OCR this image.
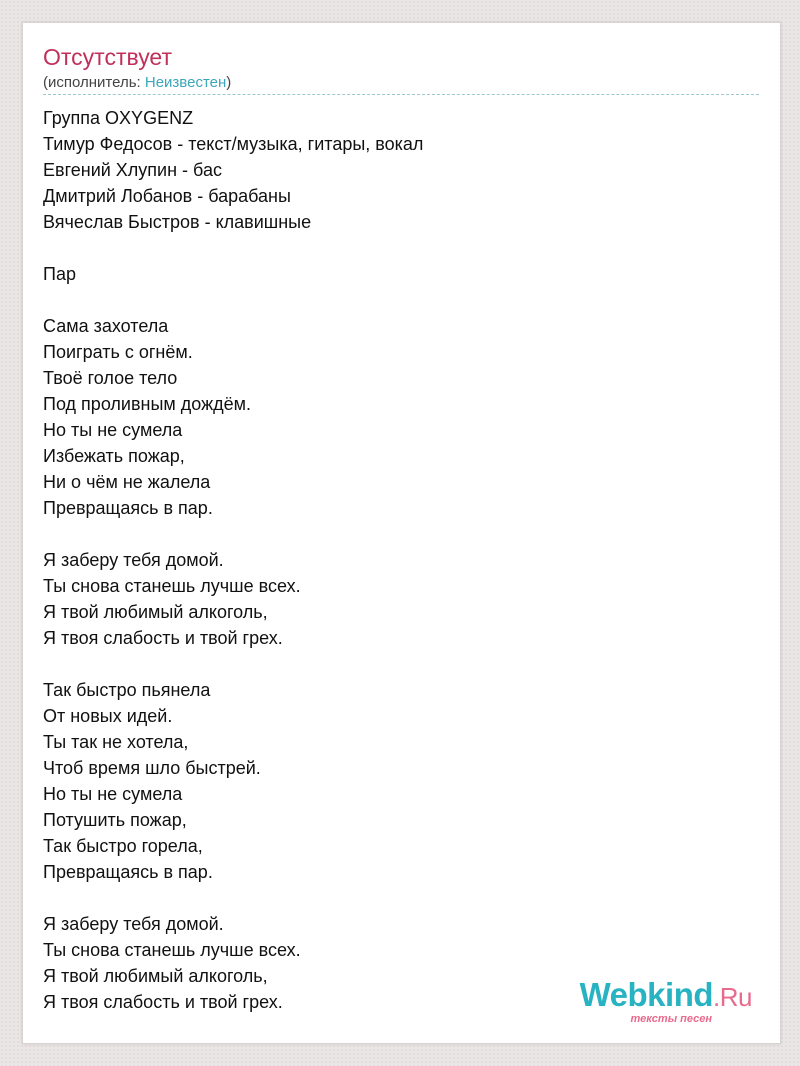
Отсутствует
(исполнитель: Неизвестен)
Группа OXYGENZ
Тимур Федосов - текст/музыка, гитары, вокал
Евгений Хлупин - бас
Дмитрий Лобанов - барабаны
Вячеслав Быстров - клавишные
Пар
Сама захотела
Поиграть с огнём.
Твоё голое тело
Под проливным дождём.
Но ты не сумела
Избежать пожар,
Ни о чём не жалела
Превращаясь в пар.
Я заберу тебя домой.
Ты снова станешь лучше всех.
Я твой любимый алкоголь,
Я твоя слабость и твой грех.
Так быстро пьянела
От новых идей.
Ты так не хотела,
Чтоб время шло быстрей.
Но ты не сумела
Потушить пожар,
Так быстро горела,
Превращаясь в пар.
Я заберу тебя домой.
Ты снова станешь лучше всех.
Я твой любимый алкоголь,
Я твоя слабость и твой грех.	Webkind.Ru
тексты песен
